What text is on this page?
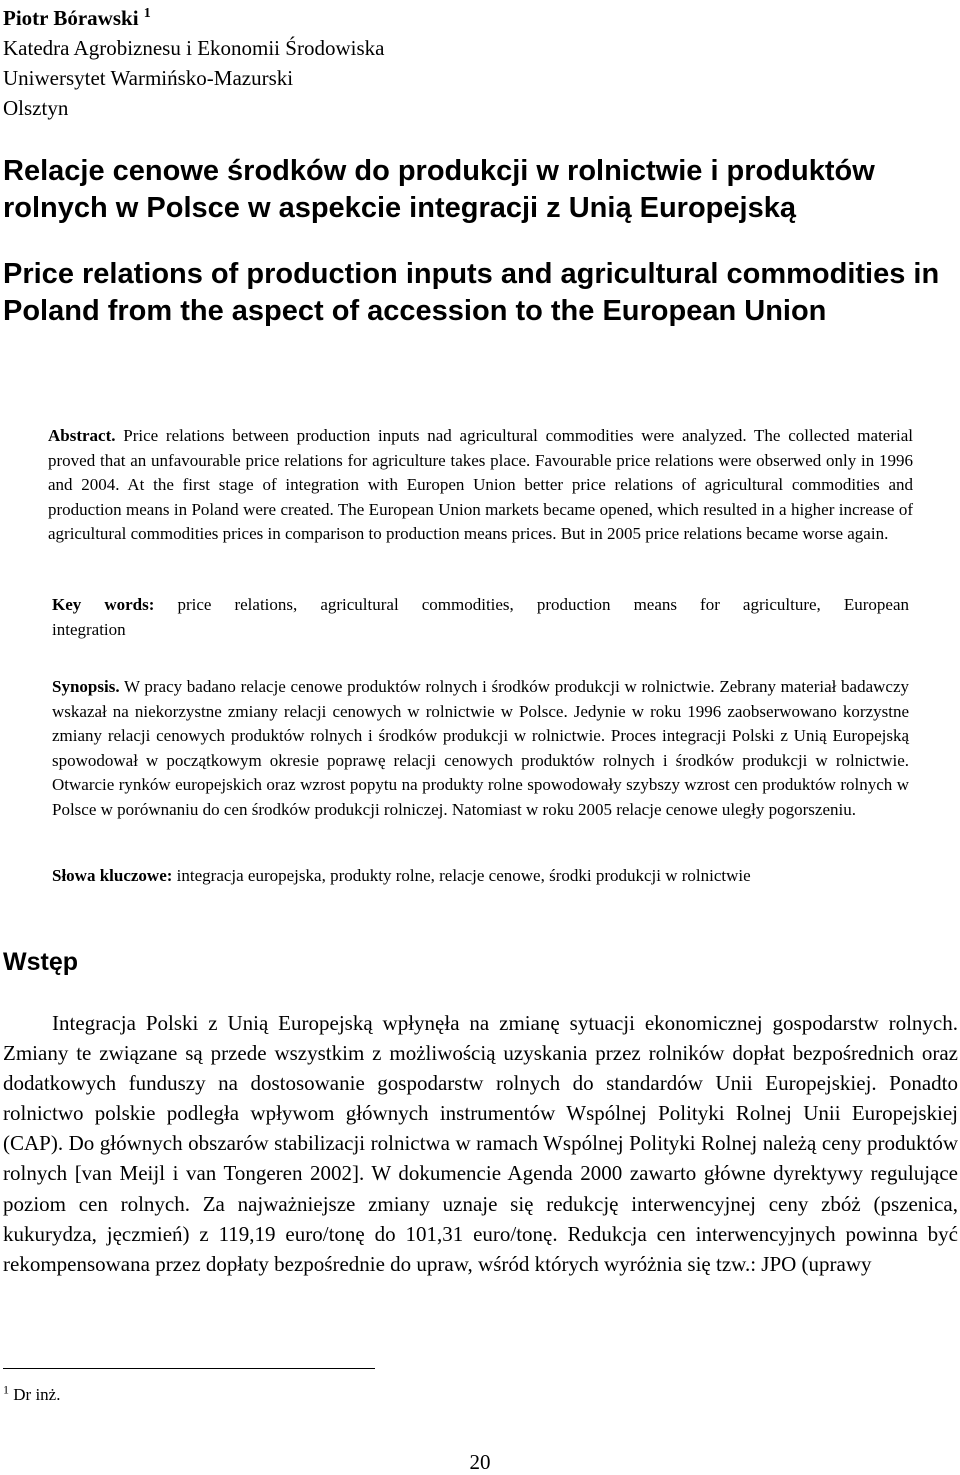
Piotr Bórawski $^1$
Katedra Agrobiznesu i Ekonomii Środowiska
Uniwersytet Warmińsko-Mazurski
Olsztyn
Relacje cenowe środków do produkcji w rolnictwie i produktów rolnych w Polsce w aspekcie integracji z Unią Europejską
Price relations of production inputs and agricultural commodities in Poland from the aspect of accession to the European Union

Abstract. Price relations between production inputs nad agricultural commodities were analyzed. The collected material proved that an unfavourable price relations for agriculture takes place. Favourable price relations were obserwed only in 1996 and 2004. At the first stage of integration with Europen Union better price relations of agricultural commodities and production means in Poland were created. The European Union markets became opened, which resulted in a higher increase of agricultural commodities prices in comparison to production means prices. But in 2005 price relations became worse again.

Key words: price relations, agricultural commodities, production means for agriculture, European
integration

Synopsis. W pracy badano relacje cenowe produktów rolnych i środków produkcji w rolnictwie. Zebrany materiał badawczy wskazał na niekorzystne zmiany relacji cenowych w rolnictwie w Polsce. Jedynie w roku 1996 zaobserwowano korzystne zmiany relacji cenowych produktów rolnych i środków produkcji w rolnictwie. Proces integracji Polski z Unią Europejską spowodował w początkowym okresie poprawę relacji cenowych produktów rolnych i środków produkcji w rolnictwie. Otwarcie rynków europejskich oraz wzrost popytu na produkty rolne spowodowały szybszy wzrost cen produktów rolnych w Polsce w porównaniu do cen środków produkcji rolniczej. Natomiast w roku 2005 relacje cenowe uległy pogorszeniu.

Słowa kluczowe: integracja europejska, produkty rolne, relacje cenowe, środki produkcji w rolnictwie

Wstęp

Integracja Polski z Unią Europejską wpłynęła na zmianę sytuacji ekonomicznej gospodarstw rolnych. Zmiany te związane są przede wszystkim z możliwością uzyskania przez rolników dopłat bezpośrednich oraz dodatkowych funduszy na dostosowanie gospodarstw rolnych do standardów Unii Europejskiej. Ponadto rolnictwo polskie podległa wpływom głównych instrumentów Wspólnej Polityki Rolnej Unii Europejskiej (CAP). Do głównych obszarów stabilizacji rolnictwa w ramach Wspólnej Polityki Rolnej należą ceny produktów rolnych [van Meijl i van Tongeren 2002]. W dokumencie Agenda 2000 zawarto główne dyrektywy regulujące poziom cen rolnych. Za najważniejsze zmiany uznaje się redukcję interwencyjnej ceny zbóż (pszenica, kukurydza, jęczmień) z 119,19 euro/tonę do 101,31 euro/tonę. Redukcja cen interwencyjnych powinna być rekompensowana przez dopłaty bezpośrednie do upraw, wśród których wyróżnia się tzw.: JPO (uprawy

$^1$ Dr inż.
20
